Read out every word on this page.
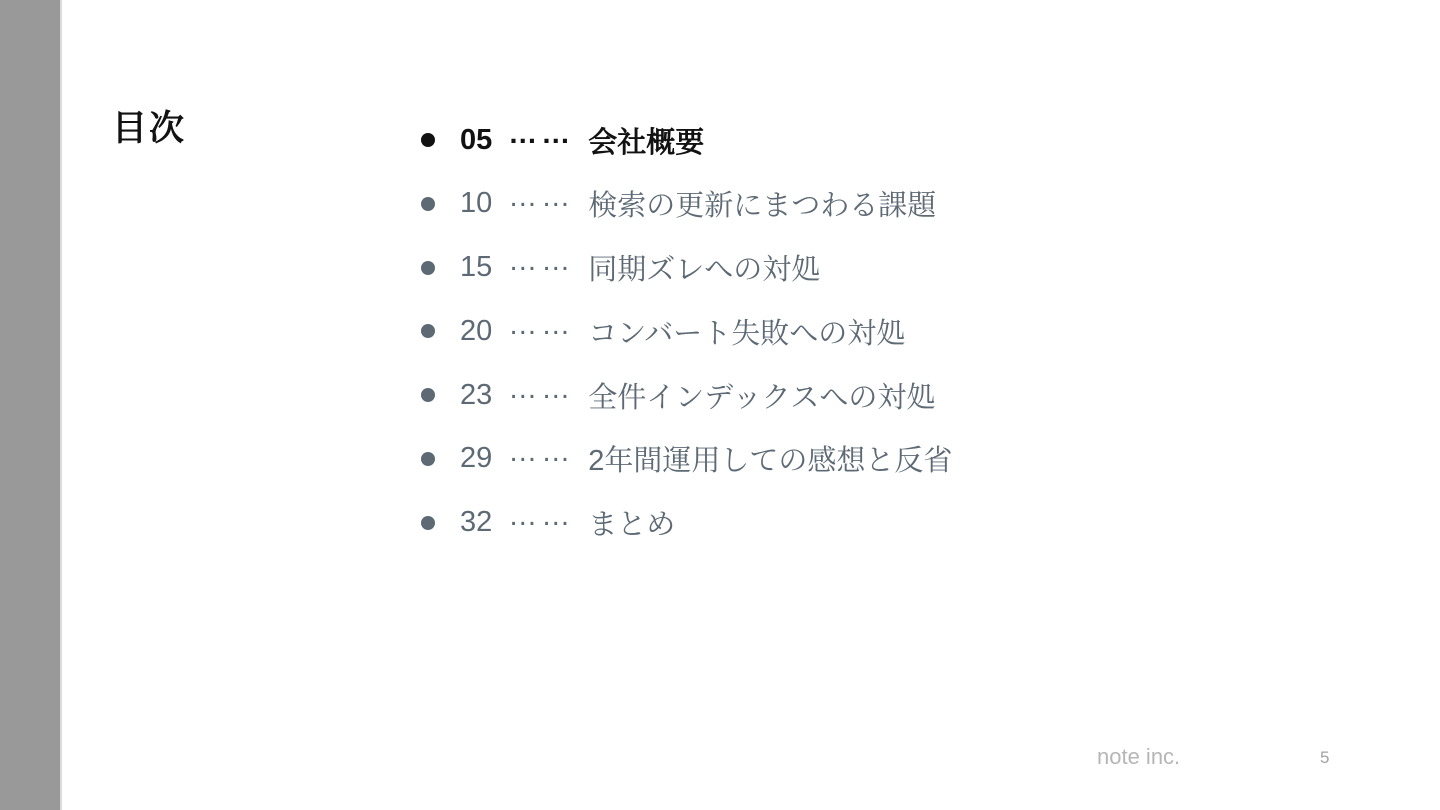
目次	05 …… 会社概要
10 …… 検索の更新にまつわる課題
15 …… 同期ズレへの対処
20 …… コンバート失敗への対処
23 …… 全件インデックスへの対処
29 …… 2年間運用しての感想と反省
32 …… まとめ
note inc.	5
